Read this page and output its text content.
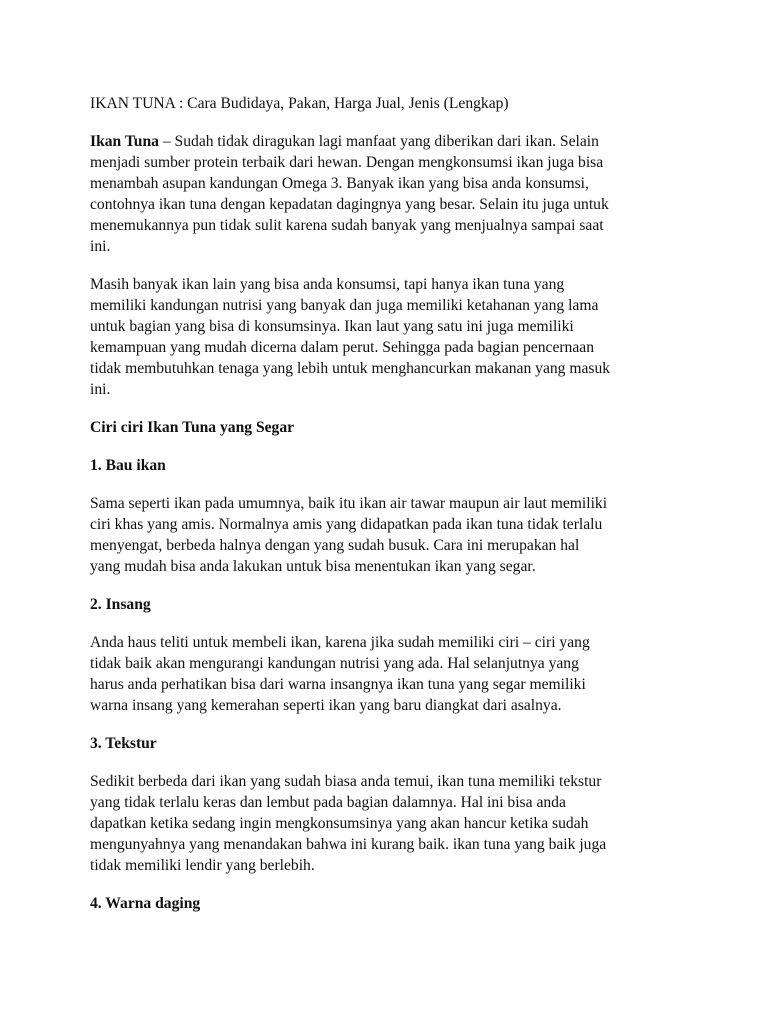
IKAN TUNA : Cara Budidaya, Pakan, Harga Jual, Jenis (Lengkap)
Ikan Tuna – Sudah tidak diragukan lagi manfaat yang diberikan dari ikan. Selain
menjadi sumber protein terbaik dari hewan. Dengan mengkonsumsi ikan juga bisa
menambah asupan kandungan Omega 3. Banyak ikan yang bisa anda konsumsi,
contohnya ikan tuna dengan kepadatan dagingnya yang besar. Selain itu juga untuk
menemukannya pun tidak sulit karena sudah banyak yang menjualnya sampai saat
ini.
Masih banyak ikan lain yang bisa anda konsumsi, tapi hanya ikan tuna yang
memiliki kandungan nutrisi yang banyak dan juga memiliki ketahanan yang lama
untuk bagian yang bisa di konsumsinya. Ikan laut yang satu ini juga memiliki
kemampuan yang mudah dicerna dalam perut. Sehingga pada bagian pencernaan
tidak membutuhkan tenaga yang lebih untuk menghancurkan makanan yang masuk
ini.
Ciri ciri Ikan Tuna yang Segar
1. Bau ikan
Sama seperti ikan pada umumnya, baik itu ikan air tawar maupun air laut memiliki
ciri khas yang amis. Normalnya amis yang didapatkan pada ikan tuna tidak terlalu
menyengat, berbeda halnya dengan yang sudah busuk. Cara ini merupakan hal
yang mudah bisa anda lakukan untuk bisa menentukan ikan yang segar.
2. Insang
Anda haus teliti untuk membeli ikan, karena jika sudah memiliki ciri – ciri yang
tidak baik akan mengurangi kandungan nutrisi yang ada. Hal selanjutnya yang
harus anda perhatikan bisa dari warna insangnya ikan tuna yang segar memiliki
warna insang yang kemerahan seperti ikan yang baru diangkat dari asalnya.
3. Tekstur
Sedikit berbeda dari ikan yang sudah biasa anda temui, ikan tuna memiliki tekstur
yang tidak terlalu keras dan lembut pada bagian dalamnya. Hal ini bisa anda
dapatkan ketika sedang ingin mengkonsumsinya yang akan hancur ketika sudah
mengunyahnya yang menandakan bahwa ini kurang baik. ikan tuna yang baik juga
tidak memiliki lendir yang berlebih.
4. Warna daging
